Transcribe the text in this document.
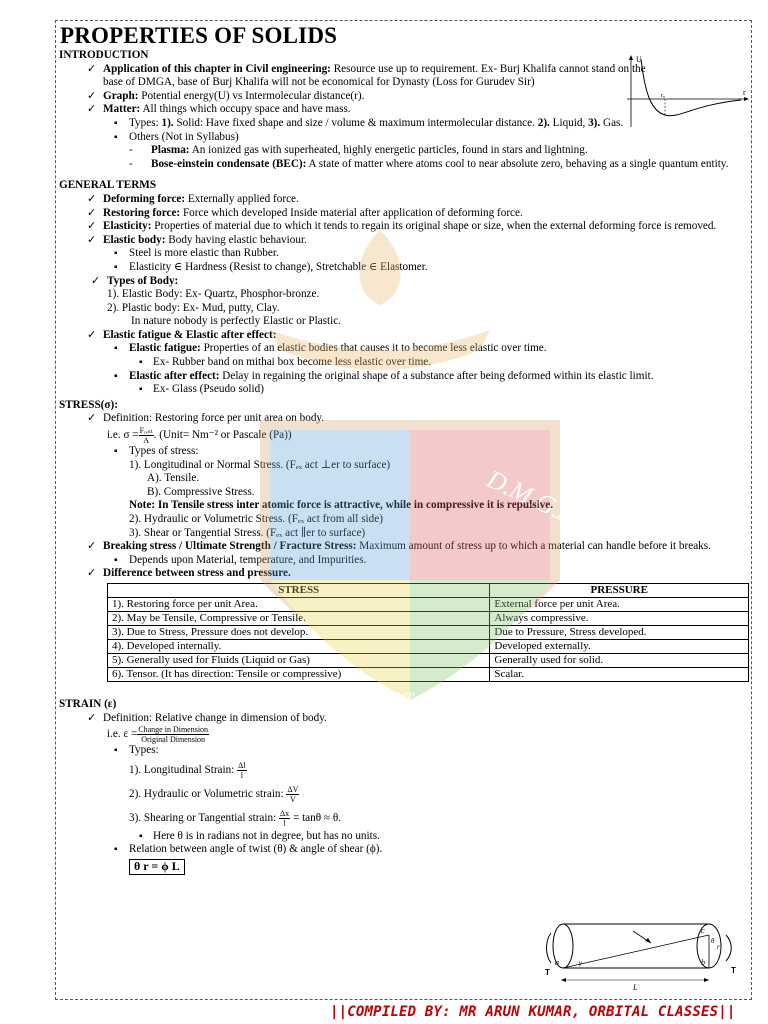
PROPERTIES OF SOLIDS
INTRODUCTION
✓ Application of this chapter in Civil engineering: Resource use up to requirement. Ex- Burj Khalifa cannot stand on the base of DMGA, base of Burj Khalifa will not be economical for Dynasty (Loss for Gurudev Sir)
✓ Graph: Potential energy(U) vs Intermolecular distance(r).
✓ Matter: All things which occupy space and have mass.
▪ Types: 1). Solid: Have fixed shape and size / volume & maximum intermolecular distance. 2). Liquid, 3). Gas.
▪ Others (Not in Syllabus)
- Plasma: An ionized gas with superheated, highly energetic particles, found in stars and lightning.
- Bose-einstein condensate (BEC): A state of matter where atoms cool to near absolute zero, behaving as a single quantum entity.
GENERAL TERMS
✓ Deforming force: Externally applied force.
✓ Restoring force: Force which developed Inside material after application of deforming force.
✓ Elasticity: Properties of material due to which it tends to regain its original shape or size, when the external deforming force is removed.
✓ Elastic body: Body having elastic behaviour.
▪ Steel is more elastic than Rubber.
▪ Elasticity ∈ Hardness (Resist to change), Stretchable ∈ Elastomer.
✓ Types of Body:
1). Elastic Body: Ex- Quartz, Phosphor-bronze.
2). Plastic body: Ex- Mud, putty, Clay.
In nature nobody is perfectly Elastic or Plastic.
✓ Elastic fatigue & Elastic after effect:
▪ Elastic fatigue: Properties of an elastic bodies that causes it to become less elastic over time.
▪ Ex- Rubber band on mithai box become less elastic over time.
▪ Elastic after effect: Delay in regaining the original shape of a substance after being deformed within its elastic limit.
▪ Ex- Glass (Pseudo solid)
STRESS(σ):
✓ Definition: Restoring force per unit area on body.
i.e. $\sigma = \frac{\text{Fᵣₑₛₜ}}{A}$ . (Unit= Nm⁻² or Pascale (Pa))
▪ Types of stress:
1). Longitudinal or Normal Stress. (Fₑₓ act ⊥er to surface)
A). Tensile.
B). Compressive Stress.
Note: In Tensile stress inter atomic force is attractive, while in compressive it is repulsive.
2). Hydraulic or Volumetric Stress. (Fₑₓ act from all side)
3). Shear or Tangential Stress. (Fₑₓ act ∥er to surface)
✓ Breaking stress / Ultimate Strength / Fracture Stress: Maximum amount of stress up to which a material can handle before it breaks.
▪ Depends upon Material, temperature, and Impurities.
✓ Difference between stress and pressure.
STRESS	PRESSURE
1). Restoring force per unit Area.	External force per unit Area.
2). May be Tensile, Compressive or Tensile.	Always compressive.
3). Due to Stress, Pressure does not develop.	Due to Pressure, Stress developed.
4). Developed internally.	Developed externally.
5). Generally used for Fluids (Liquid or Gas)	Generally used for solid.
6). Tensor. (It has direction: Tensile or compressive)	Scalar.
STRAIN (ε)
✓ Definition: Relative change in dimension of body.
i.e. $\varepsilon = \frac{\text{Change in Dimension}}{\text{Original Dimension}}$
▪ Types:
1). Longitudinal Strain: $\frac{\Delta l}{l}$
2). Hydraulic or Volumetric strain: $\frac{\Delta V}{V}$
3). Shearing or Tangential strain: $\frac{\Delta x}{l} = \tan\theta \approx \theta$.
▪ Here θ is in radians not in degree, but has no units.
▪ Relation between angle of twist (θ) & angle of shear (ϕ).
θ r = ϕ L
U
r
r₀
a	b
c
θ
r
γ
L
T	T
D.M.G.A.
together we
||COMPILED BY: MR ARUN KUMAR, ORBITAL CLASSES||
